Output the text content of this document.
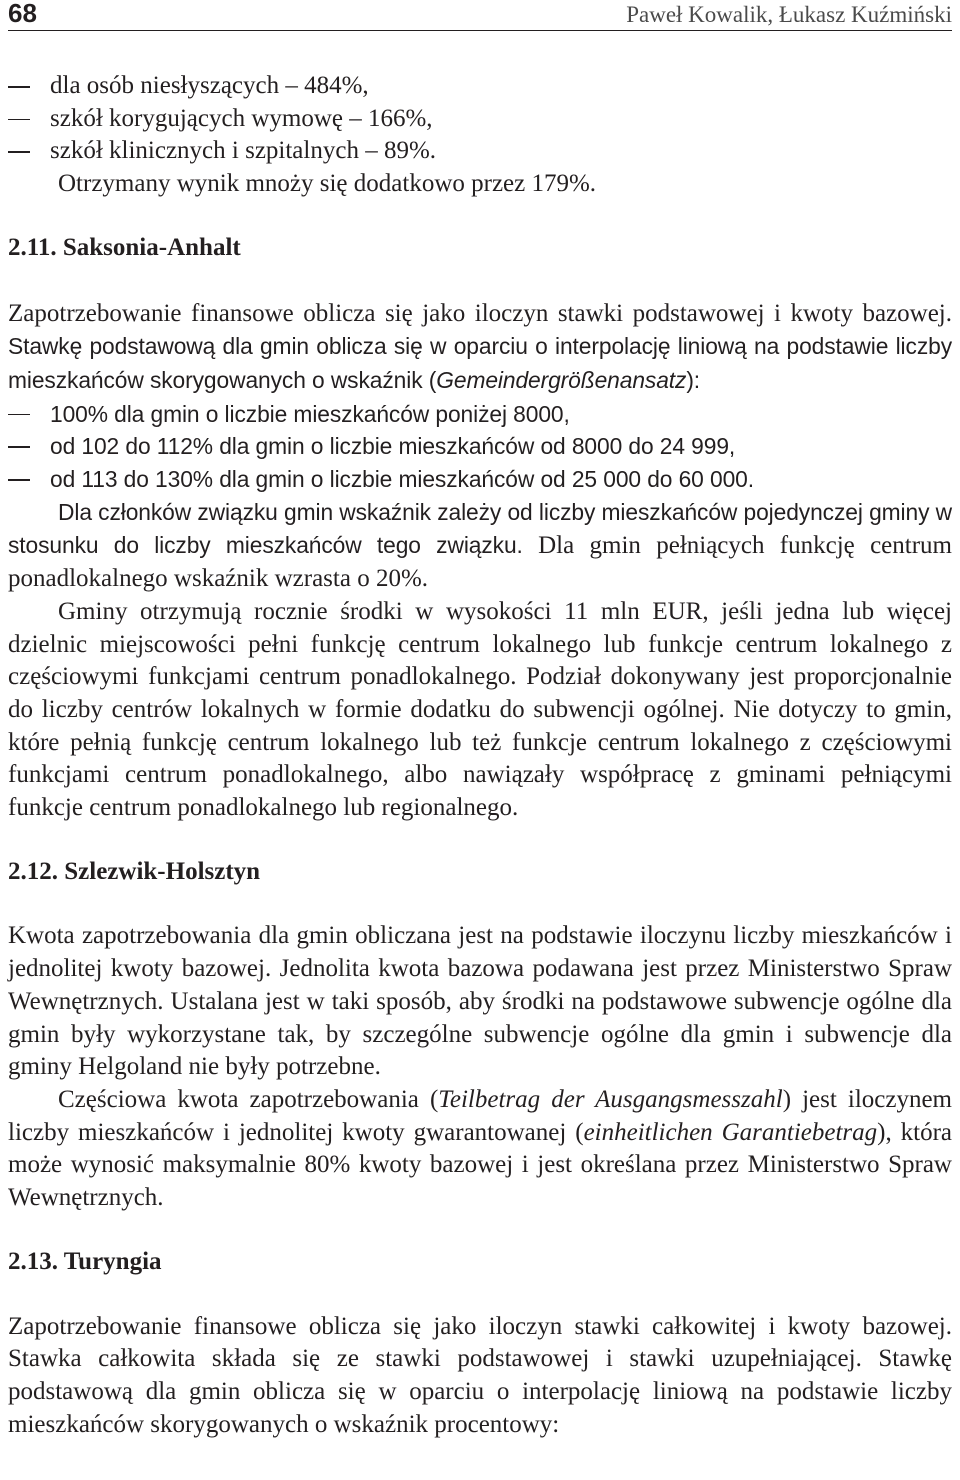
68	Paweł Kowalik, Łukasz Kuźmiński

dla osób niesłyszących – 484%,

szkół korygujących wymowę – 166%,

szkół klinicznych i szpitalnych – 89%.

Otrzymany wynik mnoży się dodatkowo przez 179%.

2.11. Saksonia-Anhalt

Zapotrzebowanie finansowe oblicza się jako iloczyn stawki podstawowej i kwoty bazowej. Stawkę podstawową dla gmin oblicza się w oparciu o interpolację liniową na podstawie liczby mieszkańców skorygowanych o wskaźnik (Gemeindergrößenansatz):

100% dla gmin o liczbie mieszkańców poniżej 8000,

od 102 do 112% dla gmin o liczbie mieszkańców od 8000 do 24 999,

od 113 do 130% dla gmin o liczbie mieszkańców od 25 000 do 60 000.

Dla członków związku gmin wskaźnik zależy od liczby mieszkańców pojedynczej gminy w stosunku do liczby mieszkańców tego związku. Dla gmin pełniących funkcję centrum ponadlokalnego wskaźnik wzrasta o 20%.

Gminy otrzymują rocznie środki w wysokości 11 mln EUR, jeśli jedna lub więcej dzielnic miejscowości pełni funkcję centrum lokalnego lub funkcje centrum lokalnego z częściowymi funkcjami centrum ponadlokalnego. Podział dokonywany jest proporcjonalnie do liczby centrów lokalnych w formie dodatku do subwencji ogólnej. Nie dotyczy to gmin, które pełnią funkcję centrum lokalnego lub też funkcje centrum lokalnego z częściowymi funkcjami centrum ponadlokalnego, albo nawiązały współpracę z gminami pełniącymi funkcje centrum ponadlokalnego lub regionalnego.

2.12. Szlezwik-Holsztyn

Kwota zapotrzebowania dla gmin obliczana jest na podstawie iloczynu liczby mieszkańców i jednolitej kwoty bazowej. Jednolita kwota bazowa podawana jest przez Ministerstwo Spraw Wewnętrznych. Ustalana jest w taki sposób, aby środki na podstawowe subwencje ogólne dla gmin były wykorzystane tak, by szczególne subwencje ogólne dla gmin i subwencje dla gminy Helgoland nie były potrzebne.

Częściowa kwota zapotrzebowania (Teilbetrag der Ausgangsmesszahl) jest iloczynem liczby mieszkańców i jednolitej kwoty gwarantowanej (einheitlichen Garantiebetrag), która może wynosić maksymalnie 80% kwoty bazowej i jest określana przez Ministerstwo Spraw Wewnętrznych.

2.13. Turyngia

Zapotrzebowanie finansowe oblicza się jako iloczyn stawki całkowitej i kwoty bazowej. Stawka całkowita składa się ze stawki podstawowej i stawki uzupełniającej. Stawkę podstawową dla gmin oblicza się w oparciu o interpolację liniową na podstawie liczby mieszkańców skorygowanych o wskaźnik procentowy:
